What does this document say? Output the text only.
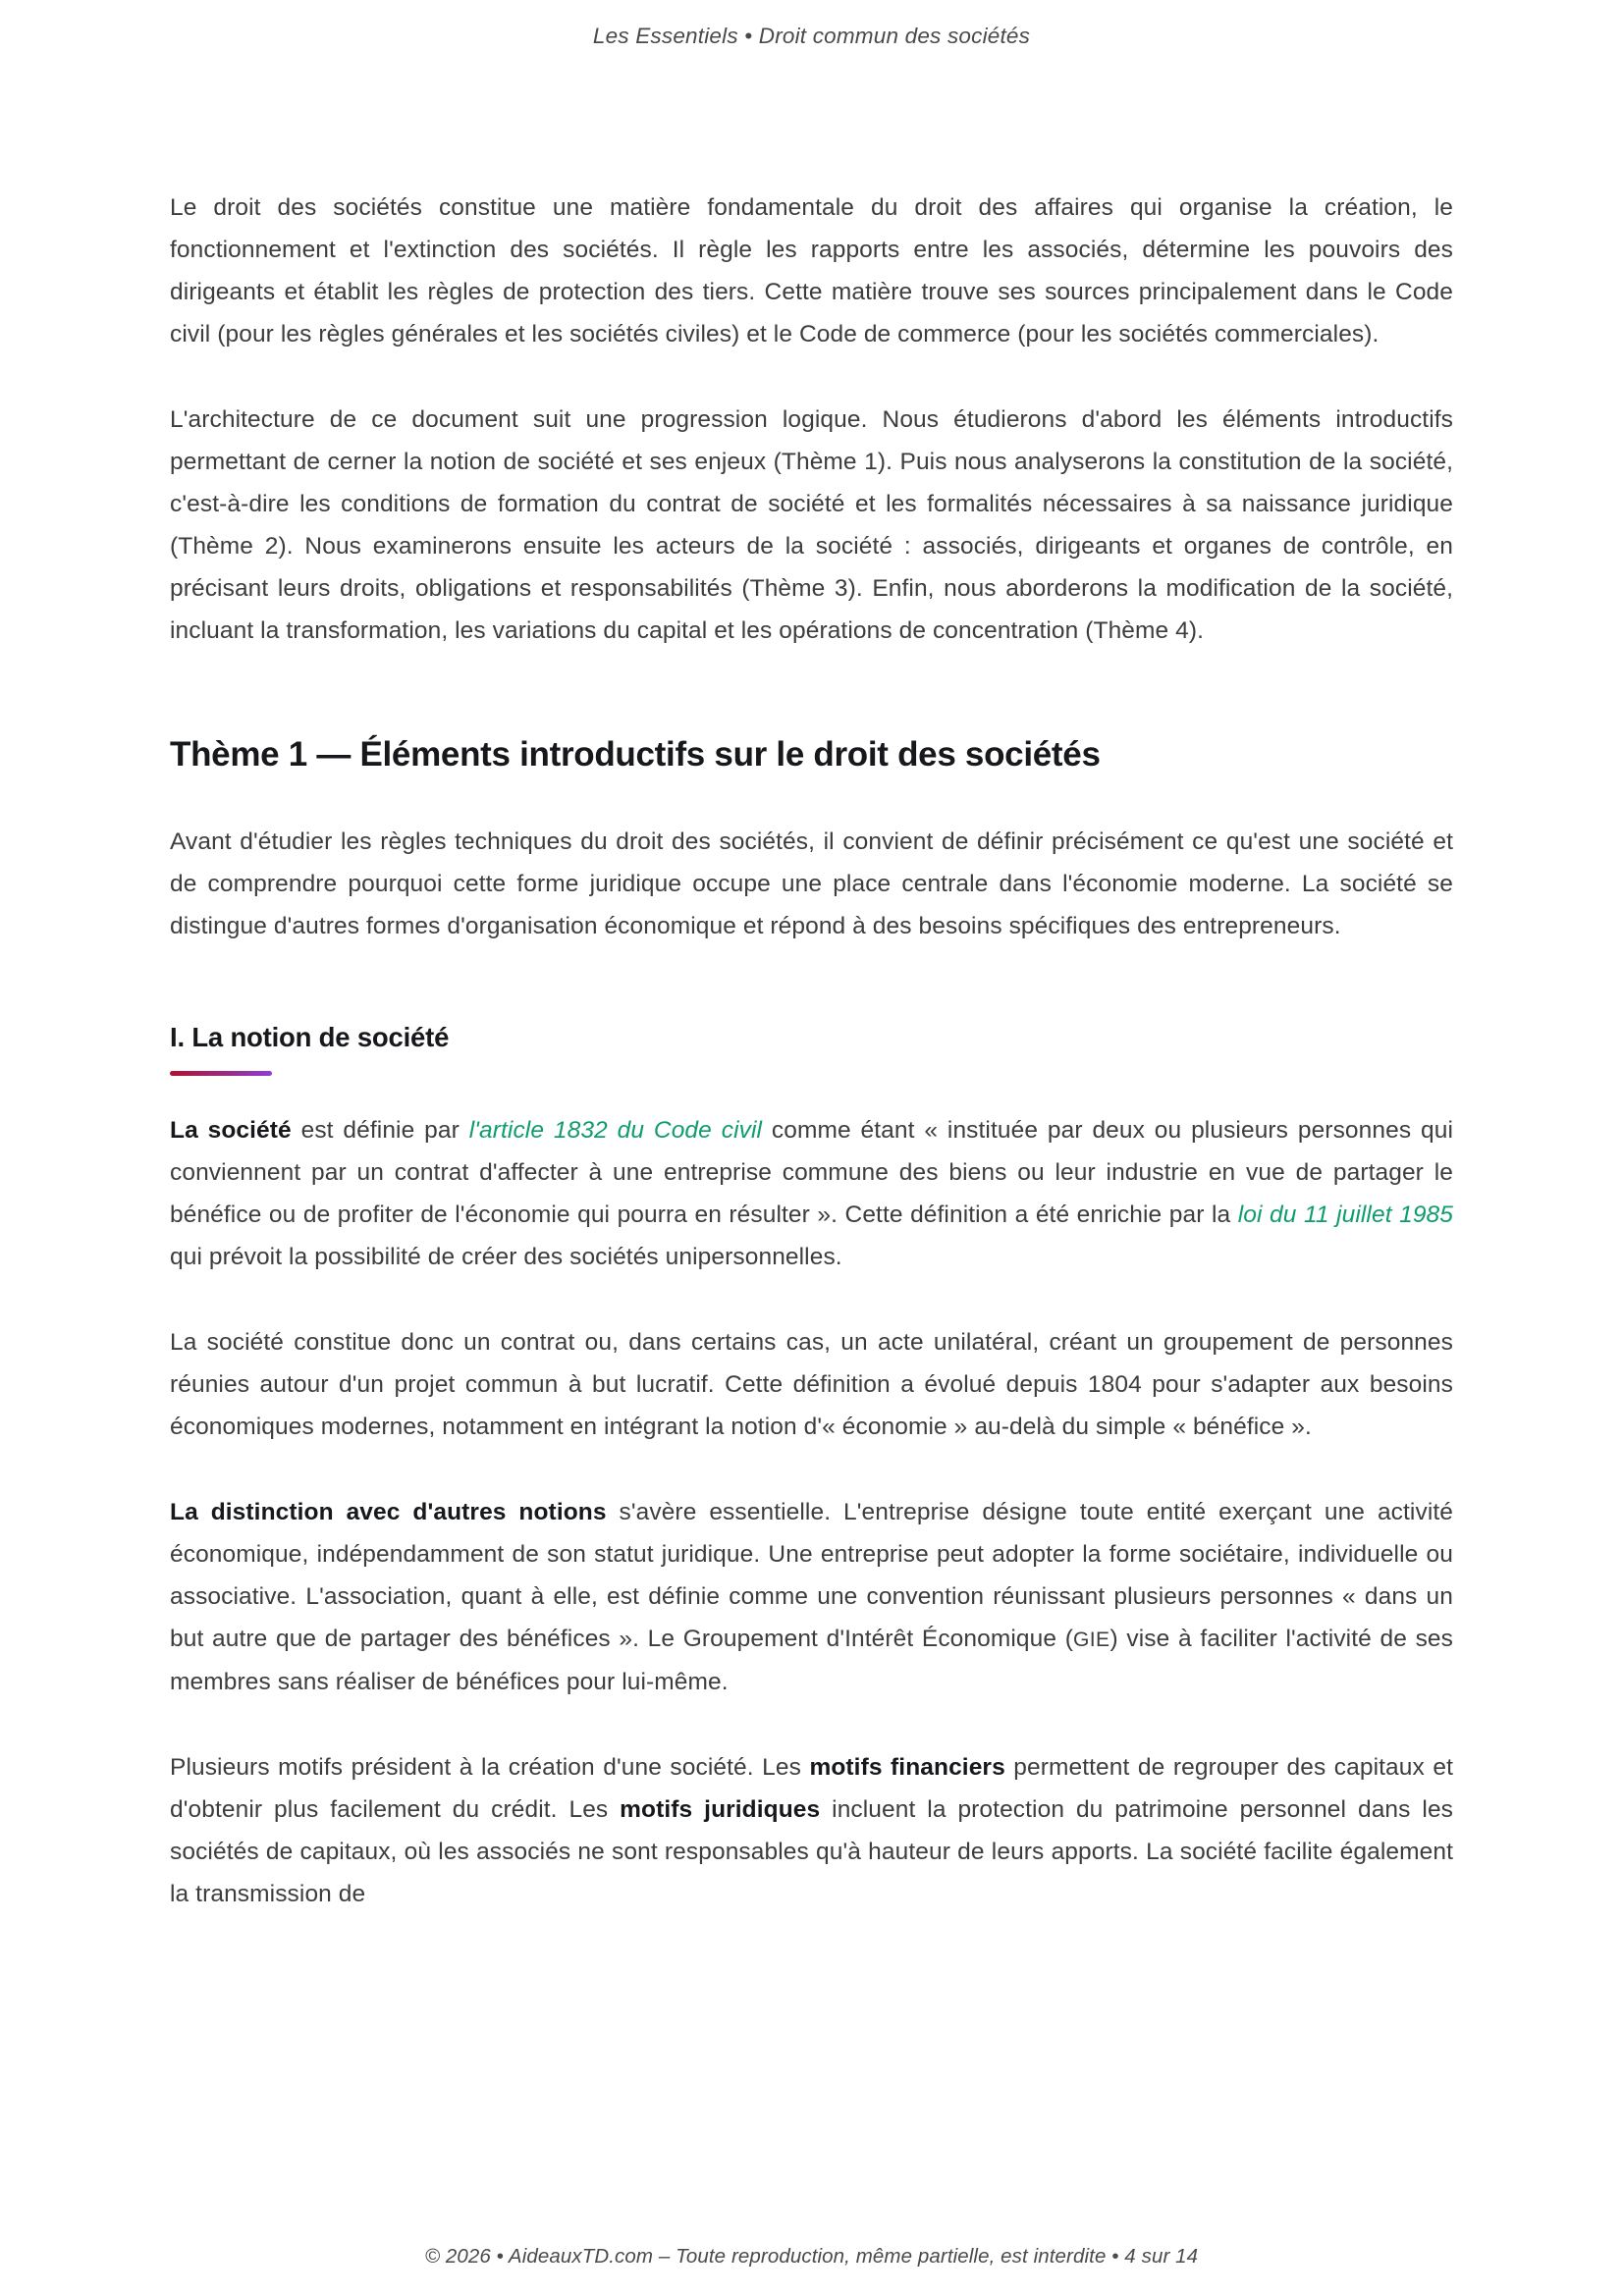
Les Essentiels • Droit commun des sociétés

Le droit des sociétés constitue une matière fondamentale du droit des affaires qui organise la création, le fonctionnement et l'extinction des sociétés. Il règle les rapports entre les associés, détermine les pouvoirs des dirigeants et établit les règles de protection des tiers. Cette matière trouve ses sources principalement dans le Code civil (pour les règles générales et les sociétés civiles) et le Code de commerce (pour les sociétés commerciales).

L'architecture de ce document suit une progression logique. Nous étudierons d'abord les éléments introductifs permettant de cerner la notion de société et ses enjeux (Thème 1). Puis nous analyserons la constitution de la société, c'est-à-dire les conditions de formation du contrat de société et les formalités nécessaires à sa naissance juridique (Thème 2). Nous examinerons ensuite les acteurs de la société : associés, dirigeants et organes de contrôle, en précisant leurs droits, obligations et responsabilités (Thème 3). Enfin, nous aborderons la modification de la société, incluant la transformation, les variations du capital et les opérations de concentration (Thème 4).

Thème 1 — Éléments introductifs sur le droit des sociétés

Avant d'étudier les règles techniques du droit des sociétés, il convient de définir précisément ce qu'est une société et de comprendre pourquoi cette forme juridique occupe une place centrale dans l'économie moderne. La société se distingue d'autres formes d'organisation économique et répond à des besoins spécifiques des entrepreneurs.

I. La notion de société

La société est définie par l'article 1832 du Code civil comme étant « instituée par deux ou plusieurs personnes qui conviennent par un contrat d'affecter à une entreprise commune des biens ou leur industrie en vue de partager le bénéfice ou de profiter de l'économie qui pourra en résulter ». Cette définition a été enrichie par la loi du 11 juillet 1985 qui prévoit la possibilité de créer des sociétés unipersonnelles.

La société constitue donc un contrat ou, dans certains cas, un acte unilatéral, créant un groupement de personnes réunies autour d'un projet commun à but lucratif. Cette définition a évolué depuis 1804 pour s'adapter aux besoins économiques modernes, notamment en intégrant la notion d'« économie » au-delà du simple « bénéfice ».

La distinction avec d'autres notions s'avère essentielle. L'entreprise désigne toute entité exerçant une activité économique, indépendamment de son statut juridique. Une entreprise peut adopter la forme sociétaire, individuelle ou associative. L'association, quant à elle, est définie comme une convention réunissant plusieurs personnes « dans un but autre que de partager des bénéfices ». Le Groupement d'Intérêt Économique (GIE) vise à faciliter l'activité de ses membres sans réaliser de bénéfices pour lui-même.

Plusieurs motifs président à la création d'une société. Les motifs financiers permettent de regrouper des capitaux et d'obtenir plus facilement du crédit. Les motifs juridiques incluent la protection du patrimoine personnel dans les sociétés de capitaux, où les associés ne sont responsables qu'à hauteur de leurs apports. La société facilite également la transmission de

© 2026 • AideauxTD.com – Toute reproduction, même partielle, est interdite • 4 sur 14
